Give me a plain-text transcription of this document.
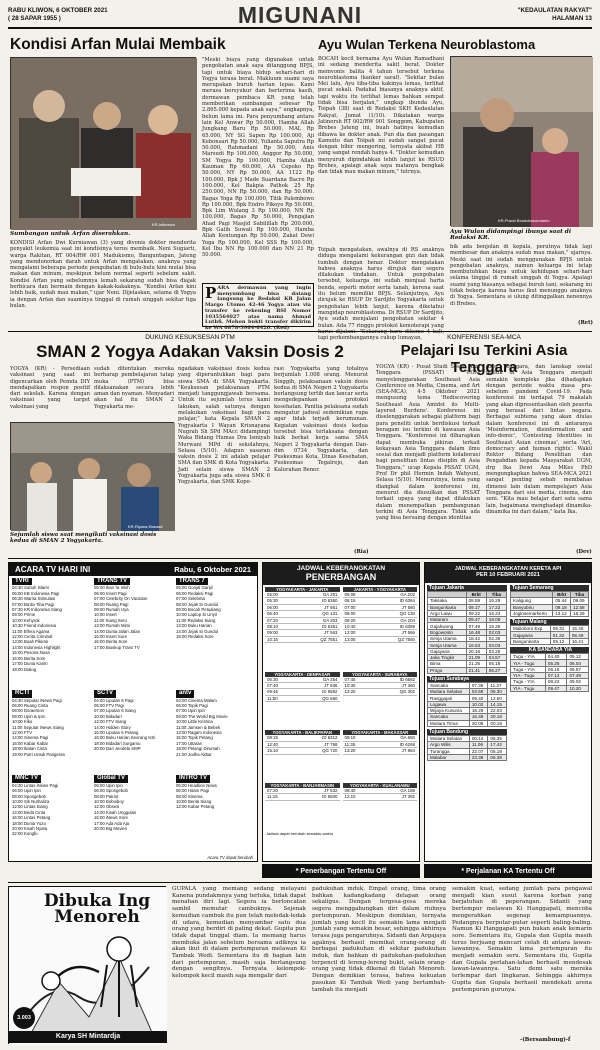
RABU KLIWON, 6 OKTOBER 2021
( 28 SAPAR 1955 )	MIGUNANI	"KEDAULATAN RAKYAT"
HALAMAN 13
Kondisi Arfan Mulai Membaik
KR-Istimewa
Sumbangan untuk Arfan diserahkan.
KONDISI Arfan Dwi Kurniawan (3) yang divonis dokter menderita penyakit leukemia saat ini kondisinya terus membaik. Neni Sugiarti, warga Rakitan, RT 004/RW 001 Madukismo, Banguntapan, Jateng yang mendonorkan darah untuk Arfan mengatakan, anaknya yang mengalami beberapa periode pengobatan di bulu-bulu kini mulai bisa makan dan minum, meskipun belum normal seperti sebelum sakit. Kondisi Arfan yang sebelumnya lemah sekarang sudah bisa diajak berbicara dan bermain dengan kakak-kakaknya. "Kondisi Arfan kini lebih baik, sudah mau makan," ujar Neni. Dijelaskan, selama di Yogya ia dengan Arfan dan suaminya tinggal di rumah singgah sekitar tiga bulan.
"Meski biaya yang digunakan untuk pengobatan anak saya ditanggung BPJS, tapi untuk biaya hidup sehari-hari di Yogya terasa berat. Makluum suami saya merupakan buruh harian lepas. Kami merasa bersyukur dan berterima kasih, dermawan pembaca KR yang telah memberikan sumbangan sebesar Rp 2.865.000 kepada anak saya," ungkapnya, belum lama ini. Para penyumbang antara lain Kel Anwar Rp 50.000, Hamba Allah Jungkang Baru Rp 50.000, MAL Rp 65.000, NY SG Sapen Rp 100.000, Aji Kebonsari Rp 50.000, Yulianta Saputra Rp 50.000, Rahmadani Rp 50.000, Anis Marsudi Rp 100.000, Anggor Rp 50.000, SM Yogya Rp 100.000, Hamba Allah Kauman Rp 60.000, AA Cepoko Rp 50.000, NY Rp 50.000, AA 1122 Rp 100.000, Bpk J Made Suardana Bacro Rp 100.000, Kel Bakpia Pathok 25 Rp 250.000, NN Rp 50.000, dan Rp 50.000. Bagas Yoga Rp 100.000, Titik Palembowo Rp 100.000, Bpk Endro Pikoyo Rp 50.000, Bpk Lim Wulang 3 Rp 100.000, NN Rp 100.000, Bagas Rp 50.000, Pengajian Ahad Pagi Masjid Sabilillah Rp 200.000, Bpk Galih Suwali Rp 100.000, Hamba Allah Kentungan Rp 50.000, Zakat Dewi Yoga Rp 100.000, Kel SSS Rp 100.000, Kel Ibu NN Rp 100.000 dan NN 21 Rp 50.000.
P ARA dermawan yang ingin menyumbang bisa datang langsung ke Redaksi KR Jalan Margo Utomo 42-46 Yogya atau via transfer ke rekening BSI Nomor 1035564027 atas nama Ahmad Luthfi. Mohon bukti transfer dikirim ke WA 0878-3964-6420. (Red)
Ayu Wulan Terkena Neuroblastoma
BOCAH kecil bernama Ayu Wulan Ramadhani ini sedang menderita sakit berat. Dokter memvonis balita 4 tahun tersebut terkena neuroblastoma (kanker saraf). "Sekitar bulan Mei lalu, Ayu tiba-tiba kakinya lemas, terlihat pucat sekali. Padahal biasanya anaknya aktif, tapi waktu itu terlihat lemas bahkan sempat tidak bisa berjalan," ungkap ibunda Ayu, Toipah (38) saat di Redaksi SKH Kedaulatan Rakyat, Jumat (1/10). Dikatakan warga Jatinorsh RT 002/RW 001 Songgom, Kabupaten Brebes Jateng ini, buah hatinya kemudian dibawa ke dokter anak. Pun dia dan pasangan Kamoito dan Toipah ini sudah sangat pucat dengan bibir mengering, ternyata akibat HB yang sangat rendah hanya 4. "Dokter kemudian menyuruh dipindahkan lebih lanjut ke RSUD Brebes, apalagi anak saya matanya bengkak dan tidak mau makan minum," tutrnya.
Toipah mengatakan, awalnya di RS anaknya diduga mengalami kekurangan gizi dan tidak tumbuh dengan benar. Dokter mengatakan bahwa anaknya harus dirujuk dan segera dilakukan tindakan. Untuk pengobatan tersebut, keluarga ini sudah menjual harta benda, seperti motor serta tanah, kerena saat itu belum memiliki BPJS. Selanjutnya, Ayu dirujuk ke RSUP Dr Sardjito Yogyakarta untuk pengobatan lebih lanjut, karena diketahui mengidap neuroblastoma. Di RSUP Dr Sardjito, Ayu sudah menjalani pengobatan sekitar 4 bulan. Ada 77 ringgu protokol kemoterapi yang harus dijalani. "Sekarang baru dikemo 4 kali, tapi perkembangannya cukup lumayan,
KR-Puwoi Bondobukurmanto
Ayu Wulan didampingi ibunya saat di Redaksi KR.
bik ada benjolan di kepala, perutnya tidak lagi membesar dan anaknya sudah mau makan," ujarnya. Meski saat ini sudah menggunakan BPJS untuk pengobatan anaknya, namun keluarga ini tetap membutuhkan biaya untuk kehidupan sehari-hari selama tinggal di rumah singgah di Yogya. Apalagi suami yang biasanya sebagai buruh tani, sekarang ini tidak bekerja karena harus ikut menunggu anaknya di Yogya. Sementara si ulung ditinggalkan nenennya di Brebes.
(Ret)
DUKUNG KESUKSESAN PTM
SMAN 2 Yogya Adakan Vaksin Dosis 2
YOGYA (KR) - Persediaan vaksinasi yang saat ini digencarkan oleh Pemda DIY mendapatkan respon positif dari sekolah. Karena dengan vaksinasi yang target vaksinasi yang
sudah ditentukan mereka berharap pembelajaran tatap muka (PTM) bisa dilaksanakan secara lebih aman dan nyaman. Menyadari akan hal itu SMAN 2 Yogyakarta me-
KR-Riyana Ekawati
Sejumlah siswa saat mengikuti vaksinasi dosis kedua di SMAN 2 Yogyakarta.
ngadakan vaksinasi dosis kedua yang diperuntukkan bagi para siswa SMA di SMA Yogyakarta. "Keuksesan pelaksanaan PTM menjadi tanggungjawab bersama. Untuk itu sejumlah terus kami lakukan, salah satunya dengan melakukan vaksinasi bagi para pelajar," kata Kepala SMAN 2 Yogyakarta I Wayan Krisnayana Nugrah Sh SPd MAcc didampingi Waka Bidang Humas Dra Ismiyah Murwani MPd di sekolahnya, Selasa (5/10). Adapun sasaran vaksin dosis 2 ini adalah pelajar SMA dan SMK di Kota Yogyakarta. Jadi selain siswa SMAN 2 Yogyakarta juga ada siswa SMK 6 Yogyakarta, dan SMK Kope-
rasi Yogyakarta yang totalnya berjumlah 1.008 orang. Menurut Singgih, pelaksanaan vaksin dosis kedua di SMA Negeri 2 Yogyakarta berlangsung tertib dan lancar serta mengedepankan protokol kesehatan. Panitia pelaksana sudah mengatur jadwal sedemikian rupa agar tidak terjadi kerumunan. Kegiatan vaksinasi dosis kedua tersebut bisa terlaksana dengan baik berkat kerja sama SMA Negeri 2 Yogyakarta dengan Dan-dim 0734 Yogyakarta, dan Puskesmas Kota, Dinas Kesehatan, Puskesmas Tegalrejo, dan Kalurahan Bener.
(Ria)
KONFERENSI SEA-MCA
Pelajari Isu Terkini Asia Tenggara
YOGYA (KR) - Pusat Studi Sosial Asia Tenggara (PSSAT) UGM menyelenggarakan Southeast Asia Conference on Media, Cinema, and Art (SEA-MCA), 4-5 Oktober 2021 mengusung tema 'Rediscovering Southeast Asia Amidst its Multi-layered Burdens'. Konferensi ini diselenggarakan sebagai platform bagi para peneliti untuk berdiskusi terkait beragam isu terkini di kawasan Asia Tenggara. "Konferensi ini diharapkan dapat membuka pikiran terkait kekayaan Asia Tenggara dalam ilmu sosial dan menjadi platform kolaborasi bagi penelitian lintas disiplin di Asia Tenggara," ucap Kepala PSSAT UGM, Prof Dr phil Hermin Indah Wahyuni, Selasa (5/10). Menurutnya, tema yang diangkat dalam konferensi ini, menurut dia diusulkan dan PSSAT terkait upaya yang dapat dilakukan dalam menempatkan pembangunan terkini di Asia Tenggara. Tidak ada yang bisa bersaing dengan identitas
Asia Tenggara, dan lanskap sosial politik di Asia Tenggara menjadi semakin kompleks jika dihadapkan dengan periode waktu masa pra-sebelum pandemi Covid-19. Pada konferensi ini terdapat 79 makalah yang akan dipresentasikan oleh peserta yang berasal dari lintas negara. Berbagai subtema yang akan diulas dalam konferensi ini di antaranya 'Misinformation, disinformation and info-demic', 'Contesting Identities in Southeast Asian cinemas', serta 'Art, democracy and human rights'. Wakil Rektor Bidang Penelitian dan Pengabdian kepada Masyarakat UGM, drg Ika Dewi Ana MKes PhD mengungkapkan bahwa SEA-MCA 2021 sangat penting sebab membahas dimensi lain dalam mempelajari Asia Tenggara dari sisi media, cinema, dan seni. "Kita mau belajar dari satu sama lain, bagaimana menghadapi dinamika-dinamika ini dari dalam," kata Ika.
(Dev)
ACARA TV HARI INI	Rabu, 6 Oktober 2021
TVRI
04:30 Subuh Islami
05:00 KB Indonesia Pagi
06:30 Warna Stimulasi
07:00 Ba'da Tiba Pagi
07:30 KR Indonesia Siang
09:00 Prime
10:00 Kehyrok
10:30 Friend Indonesia
11:00 Elfera Agama
12:00 Cerita Criminal
13:00 Buah Pikiran
14:00 Indonesia Highlight
15:00 Pesona Nusa
16:00 Berita Sore
17:00 Dunia Karim
18:00 Dialog
TRANS TV
05:00 Ikan 'la Inkih
06:00 Insert Pagi
07:00 Celebrity On Vacation
08:00 Ruang Pagi
09:00 Rumah Uya
10:00 Insert
11:00 Siang Seru
13:00 Rumah Mimi
14:00 Dunia Jalan Jalan
15:00 Insert Sore
16:00 Berita Sore
17:00 Bioskop Trans TV
TRANS 7
05:00 Gonjal Ganjil
06:00 Redaksi Pagi
07:00 Selebrita
08:00 Jejak Si Gundul
09:00 Bocah Petualang
10:00 Laptop Si Unyil
11:00 Redaksi Siang
13:00 Buku Harian
14:00 Jejak Si Gundul
15:00 Redaksi Sore
RCTI
04:30 Seputar iNews Pagi
06:00 Ruang Cinta
08:00 Doraemon
09:00 Upin & Ipin
10:00 Kiko
11:00 Seputar iNews Siang
12:00 FTV
14:00 Sinema Pagi
16:00 Kabar Kabar
18:00 Ikatan Cinta
19:00 Putri Untuk Pangeran
SCTV
04:00 Liputan 6 Pagi
05:00 FTV Pagi
07:00 Liputan 6 Siang
10:00 Bidadari
12:00 FTV Siang
14:00 Hidden Story
15:00 Liputan 6 Petang
16:00 Buku Harian Seorang Istri
18:00 Bidadari Surgamu
20:00 Dari Jendela SMP
antv
04:00 Cinema Malam
06:00 Topik Pagi
07:00 Upin Ipin
09:00 The World Big Movie
10:00 Little Krishna
11:00 Jamsen & Bebek
13:00 Ragam Indonesia
15:00 Topik Petang
17:00 Uttaran
19:00 Pelangi Dirumah
21:00 Jodha Akbar
MNC TV
04:30 Lintas iNews Pagi
06:00 Upin Ipin
08:00 Spongebob
10:00 Siti Nurhaliza
12:00 Lintas Siang
14:00 Beda Cinta
16:00 Lintas Petang
18:00 Dunia Yuzu
20:00 Kisah Nyata
22:00 Kungfu
Global TV
05:00 Upin Ipin
06:00 Spongebob
08:00 Patriot
10:00 Boboiboy
12:00 Obsesi
14:00 Kisah Unggulan
15:00 iNews Sore
17:00 Ada Ada Aja
20:00 Big Movies
INTRO TV
05:00 Headline News
06:00 Hitam Pagi
08:00 Sinema
10:00 Berita Siang
12:00 Kabar Petang
Acara TV dapat berubah
JADWAL KEBERANGKATAN
PENERBANGAN
YOGYAKARTA - JAKARTA
05:00	GA 201
05:30	ID 6360
06:00	JT 561
06:40	QG 131
07:20	GA 203
08:10	ID 6361
09:00	JT 563
10:15	QZ 7551
JAKARTA - YOGYAKARTA
05:05	GA 202
06:15	ID 6364
07:00	JT 560
08:00	QG 130
09:20	GA 204
10:40	ID 6369
12:00	JT 566
13:05	QZ 7550
YOGYAKARTA - DENPASAR
06:30	GA 254
07:40	JT 936
09:45	ID 6592
11:50	QG 660
YOGYAKARTA - SURABAYA
07:45	ID 6582
10:30	JT 360
13:20	QG 302
YOGYAKARTA - BALIKPAPAN
08:15	ID 6312
12:40	JT 768
15:10	QG 720
YOGYAKARTA - MAKASSAR
09:10	GA 650
11:35	ID 6268
13:20	JT 884
YOGYAKARTA - BANJARMASIN
07:20	JT 532
11:15	ID 6500
YOGYAKARTA - KUALANAMU
08:40	GA 188
12:10	JT 392
Jadwal dapat berubah sewaktu-waktu
* Penerbangan Tertentu Off
JADWAL KEBERANGKATAN KERETA API
PER 10 FEBRUARI 2021
Tujuan Jakarta
	Brkt	Tiba
Taksaka	08.59	16.29
Bangunkarta	09.17	17.22
Argo Lawu	09.22	16.24
Mataram	09.47	18.08
Gajahwong	07.48	15.35
Bogowonto	16.48	02.03
Senja Utama	18.42	02.36
Senja Utama	18.53	03.03
Gajayana	20.16	03.29
Jaka Tingkir	21.09	04.57
Bima	21.25	05.18
Progo	21.41	06.27
Tujuan Surabaya
Sancaka	07.36	11.27
Mutiara Selatan	03.59	06.30
Ranggajati	09.40	12.50
Logawa	10.02	14.15
Wijaya Kusuma	18.29	22.03
Sancaka	16.48	20.18
Mutiara Timur	20.08	00.19
Tujuan Bandung
Mutiara Selatan	00.14	06.35
Argo Wilis	11.06	17.42
Turangga	22.07	05.18
Malabar	23.38	06.38
Tujuan Semarang
	Brkt	Tiba
Kaligung	05.44	09.09
Banyubiru	09.18	12.58
Joglosemarkerto	13.12	16.29
Tujuan Malang
Malioboro Exp	08.31	15.45
Gajayana	01.32	08.49
Bangunkarta	09.12	16.41
KA BANDARA YIA
Tugu - YIA	04.40	05.12
YIA - Tugu	05.25	06.04
Tugu - YIA	06.15	06.57
YIA - Tugu	07.12	07.49
Tugu - YIA	08.22	09.02
YIA - Tugu	09.47	10.20
* Perjalanan KA Tertentu Off
Dibuka Ing Menoreh
3.003
Karya SH Mintardja
GUPALA yang memang sedang melayani Kanena pundakmnya yang terluka, tidak dapat menahan diri lagi. Segera ia berloncatan sambil memutar cambuknya. Sejenak kemudian cambuk itu pun telah meledak-ledak di udara, kemudian menyambar satu dua orang yang berdiri di paling dekat. Gupita pun tidak dapat tinggal diam. Ia memang harus membuka jalan sebelum bersama adiknya ia akan ikut di dalam pertempuran melawan Ki Tambak Wedi. Sementara itu di bagian lain dari pertempuran, masih saja berlangsung dengan sengitnya. Ternyata kelompok-kelompok kecil masih saja mengalir dari
padukuhan induk. Empat orang, tima orang bahkan kadangkadang delapan orang sekaligus. Dengan tergesa-gesa mereka segera menggabungkan diri dalam riuhnya pertempuran. Meskipun demikian, ternyata jumlah yang kecil itu semakin lama menjadi jumlah yang semakin besar, sehingga akhirnya terasa juga pengaruhnya. Sidanti dan Argajaya agaknya berhasil memikat orang-orang di berbagai padukuhan di sekitar padukuhan induk, dan bahkan di padukuhan-padukuhan terpencil di lereng-lereng bukit, selain orang-orang yang tidak dikenal di tlatah Menoreh. Dengan demikian terasa, bahwa kekuatan pasukan Ki Tambak Wedi yang bertambah-tambah itu menjadi
semakin kuat, sedang jumlah para pengawal menjadi kian susut karena korban yang berjatuhan di peperangan. Sidanti yang bertempur melawan Ki Hanggapati, mencoba mengerahkan segenap kemampuannya. Pedangnya berputar-putar seperti baling-baling. Namun Ki Hanggapati pun bukan anak kemarin sore. Sementara itu, Gupala dan Gupita masih terus berjuang mencari celah di antara lawan-lawannya. Semakin lama pertempuran itu menjadi semakin seru. Sementara itu, Gupita dan Gupala perlahan-lahan berhasil mendesak lawan-lawannya. Satu demi satu mereka terlempar dari lingkaran. Sehingga akhirnya Gupita dan Gupala berhasil mendekati arena pertempuran gurunya.
-(Bersambung)-f
